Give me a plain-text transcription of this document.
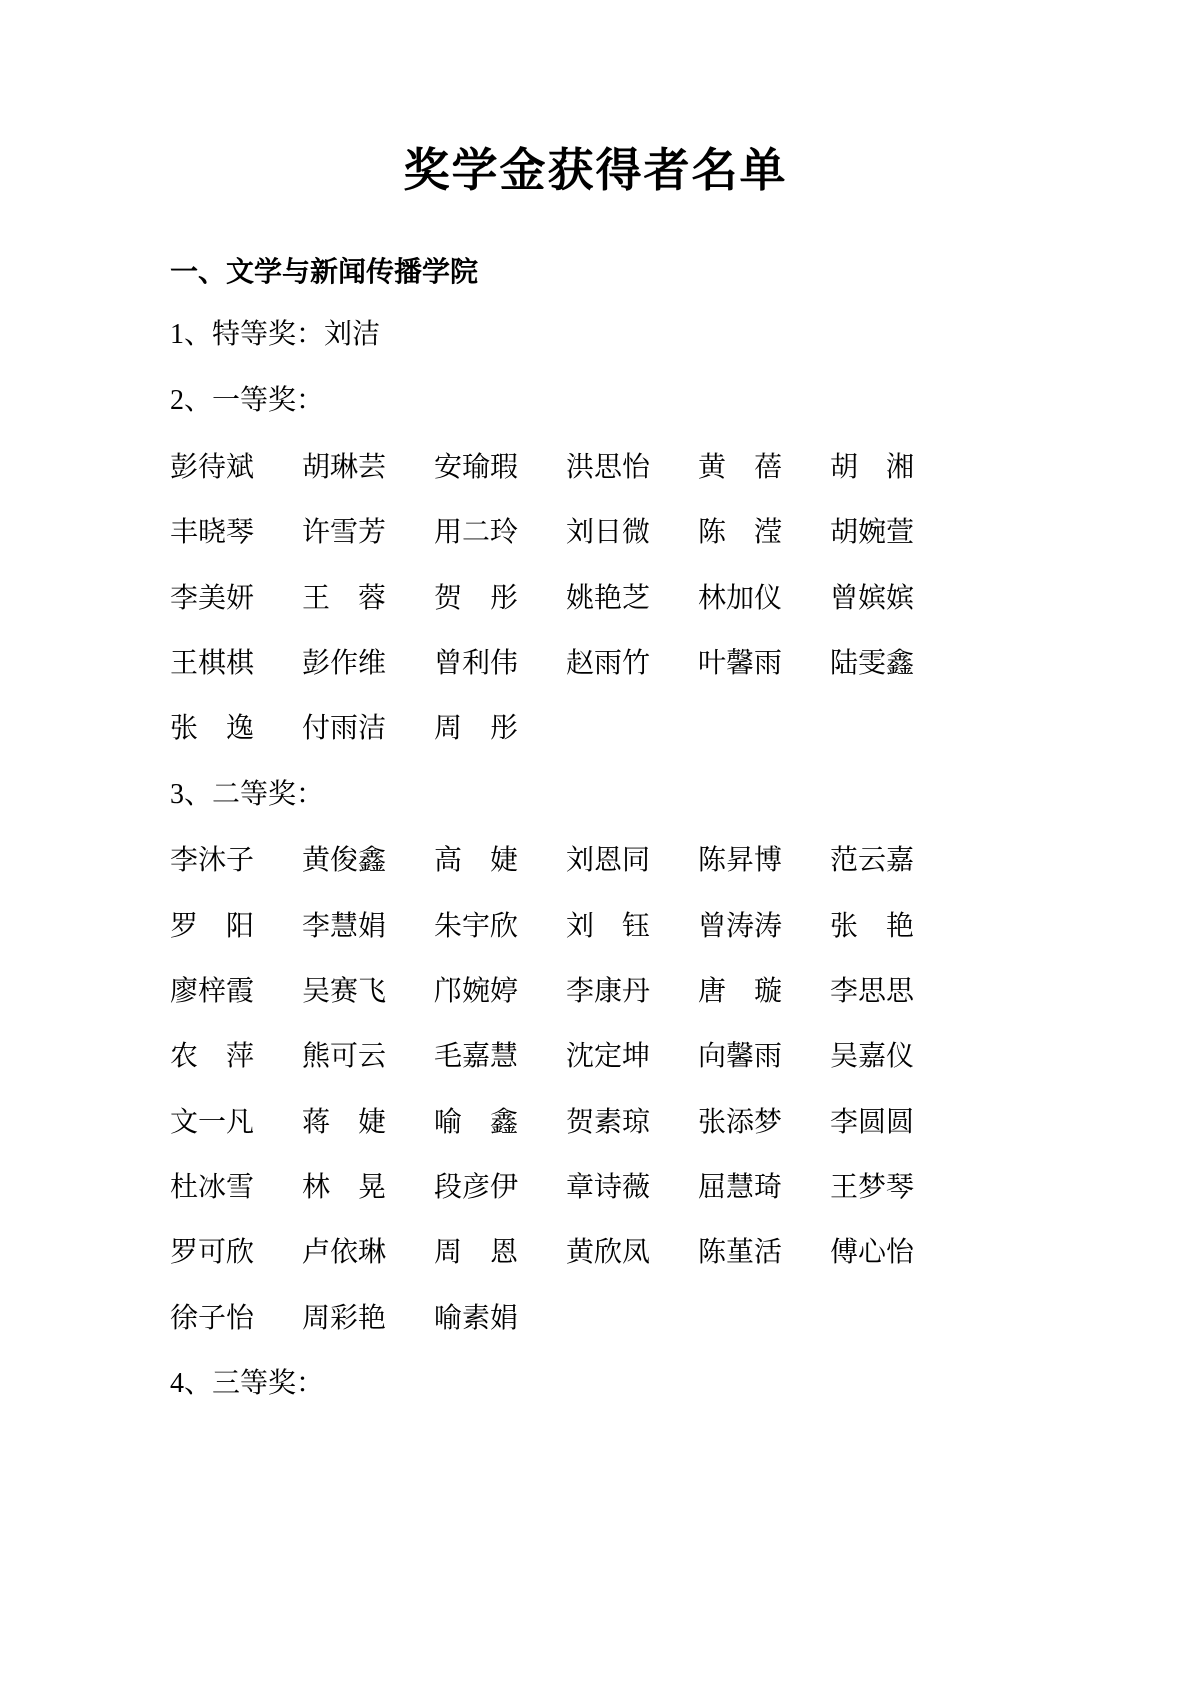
奖学金获得者名单
一、文学与新闻传播学院

1、特等奖：刘洁

2、一等奖：

彭待斌	胡琳芸	安瑜瑕	洪思怡	黄　蓓	胡　湘
丰晓琴	许雪芳	用二玲	刘日微	陈　滢	胡婉萱
李美妍	王　蓉	贺　彤	姚艳芝	林加仪	曾嫔嫔
王棋棋	彭作维	曾利伟	赵雨竹	叶馨雨	陆雯鑫
张　逸	付雨洁	周　彤

3、二等奖：

李沐子	黄俊鑫	高　婕	刘恩同	陈昇博	范云嘉
罗　阳	李慧娟	朱宇欣	刘　钰	曾涛涛	张　艳
廖梓霞	吴赛飞	邝婉婷	李康丹	唐　璇	李思思
农　萍	熊可云	毛嘉慧	沈定坤	向馨雨	吴嘉仪
文一凡	蒋　婕	喻　鑫	贺素琼	张添梦	李圆圆
杜冰雪	林　晃	段彦伊	章诗薇	屈慧琦	王梦琴
罗可欣	卢依琳	周　恩	黄欣凤	陈堇活	傅心怡
徐子怡	周彩艳	喻素娟

4、三等奖：
